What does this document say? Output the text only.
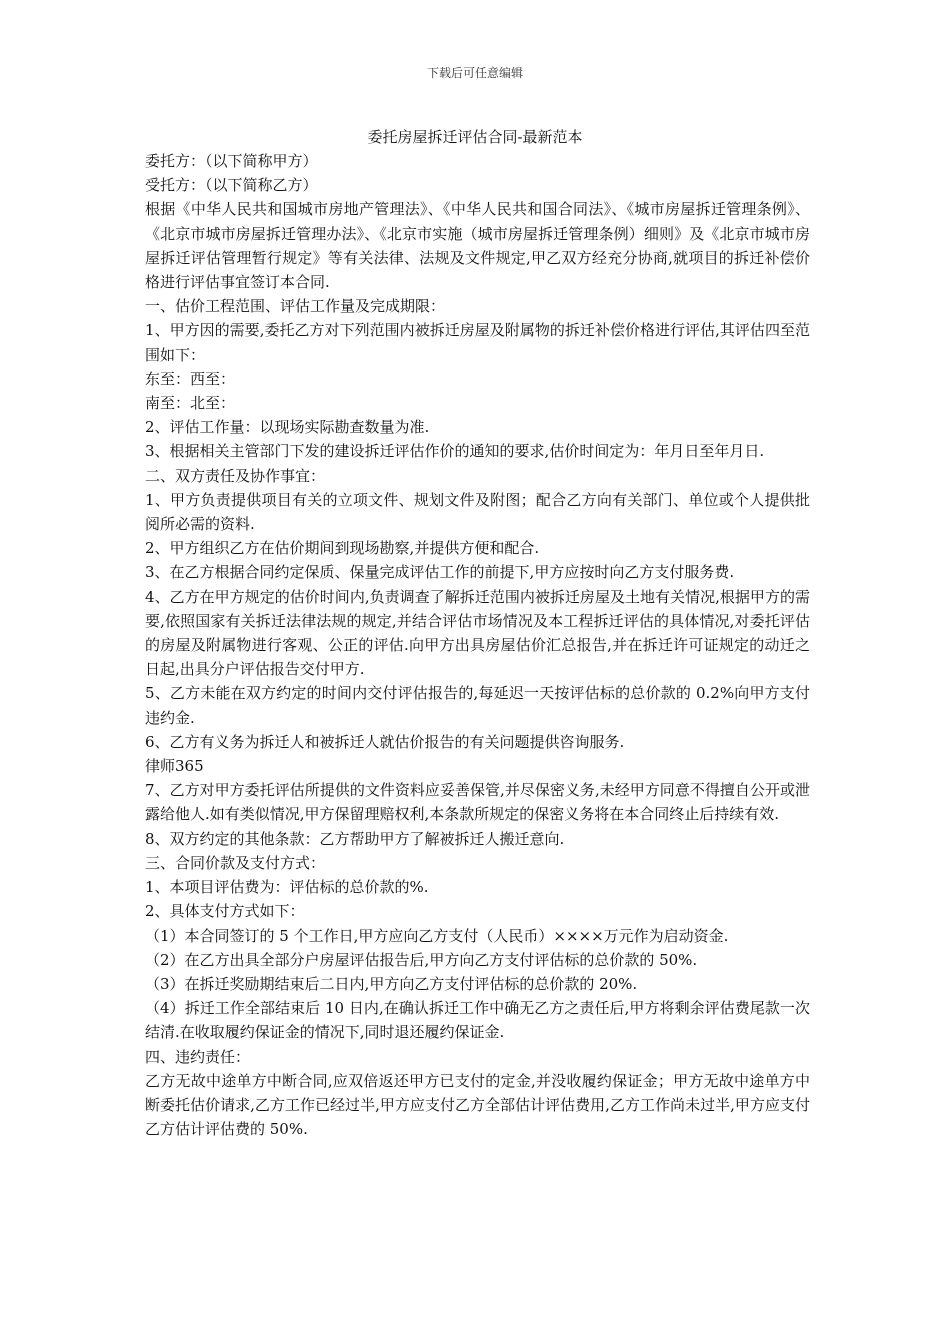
下载后可任意编辑
委托房屋拆迁评估合同-最新范本

委托方：（以下简称甲方）

受托方：（以下简称乙方）

根据《中华人民共和国城市房地产管理法》、《中华人民共和国合同法》、《城市房屋拆迁管理条例》、《北京市城市房屋拆迁管理办法》、《北京市实施（城市房屋拆迁管理条例）细则》及《北京市城市房屋拆迁评估管理暂行规定》等有关法律、法规及文件规定,甲乙双方经充分协商,就项目的拆迁补偿价格进行评估事宜签订本合同.

一、估价工程范围、评估工作量及完成期限：

1、甲方因的需要,委托乙方对下列范围内被拆迁房屋及附属物的拆迁补偿价格进行评估,其评估四至范围如下：

东至：西至：

南至：北至：

2、评估工作量：以现场实际勘查数量为准.

3、根据相关主管部门下发的建设拆迁评估作价的通知的要求,估价时间定为：年月日至年月日.

二、双方责任及协作事宜：

1、甲方负责提供项目有关的立项文件、规划文件及附图；配合乙方向有关部门、单位或个人提供批阅所必需的资料.

2、甲方组织乙方在估价期间到现场勘察,并提供方便和配合.

3、在乙方根据合同约定保质、保量完成评估工作的前提下,甲方应按时向乙方支付服务费.

4、乙方在甲方规定的估价时间内,负责调查了解拆迁范围内被拆迁房屋及土地有关情况,根据甲方的需要,依照国家有关拆迁法律法规的规定,并结合评估市场情况及本工程拆迁评估的具体情况,对委托评估的房屋及附属物进行客观、公正的评估.向甲方出具房屋估价汇总报告,并在拆迁许可证规定的动迁之日起,出具分户评估报告交付甲方.

5、乙方未能在双方约定的时间内交付评估报告的,每延迟一天按评估标的总价款的 0.2%向甲方支付违约金.

6、乙方有义务为拆迁人和被拆迁人就估价报告的有关问题提供咨询服务.

律师365

7、乙方对甲方委托评估所提供的文件资料应妥善保管,并尽保密义务,未经甲方同意不得擅自公开或泄露给他人.如有类似情况,甲方保留理赔权利,本条款所规定的保密义务将在本合同终止后持续有效.

8、双方约定的其他条款：乙方帮助甲方了解被拆迁人搬迁意向.

三、合同价款及支付方式：

1、本项目评估费为：评估标的总价款的%.

2、具体支付方式如下：

（1）本合同签订的 5 个工作日,甲方应向乙方支付（人民币）××××万元作为启动资金.

（2）在乙方出具全部分户房屋评估报告后,甲方向乙方支付评估标的总价款的 50%.

（3）在拆迁奖励期结束后二日内,甲方向乙方支付评估标的总价款的 20%.

（4）拆迁工作全部结束后 10 日内,在确认拆迁工作中确无乙方之责任后,甲方将剩余评估费尾款一次结清.在收取履约保证金的情况下,同时退还履约保证金.

四、违约责任：

乙方无故中途单方中断合同,应双倍返还甲方已支付的定金,并没收履约保证金；甲方无故中途单方中断委托估价请求,乙方工作已经过半,甲方应支付乙方全部估计评估费用,乙方工作尚未过半,甲方应支付乙方估计评估费的 50%.
